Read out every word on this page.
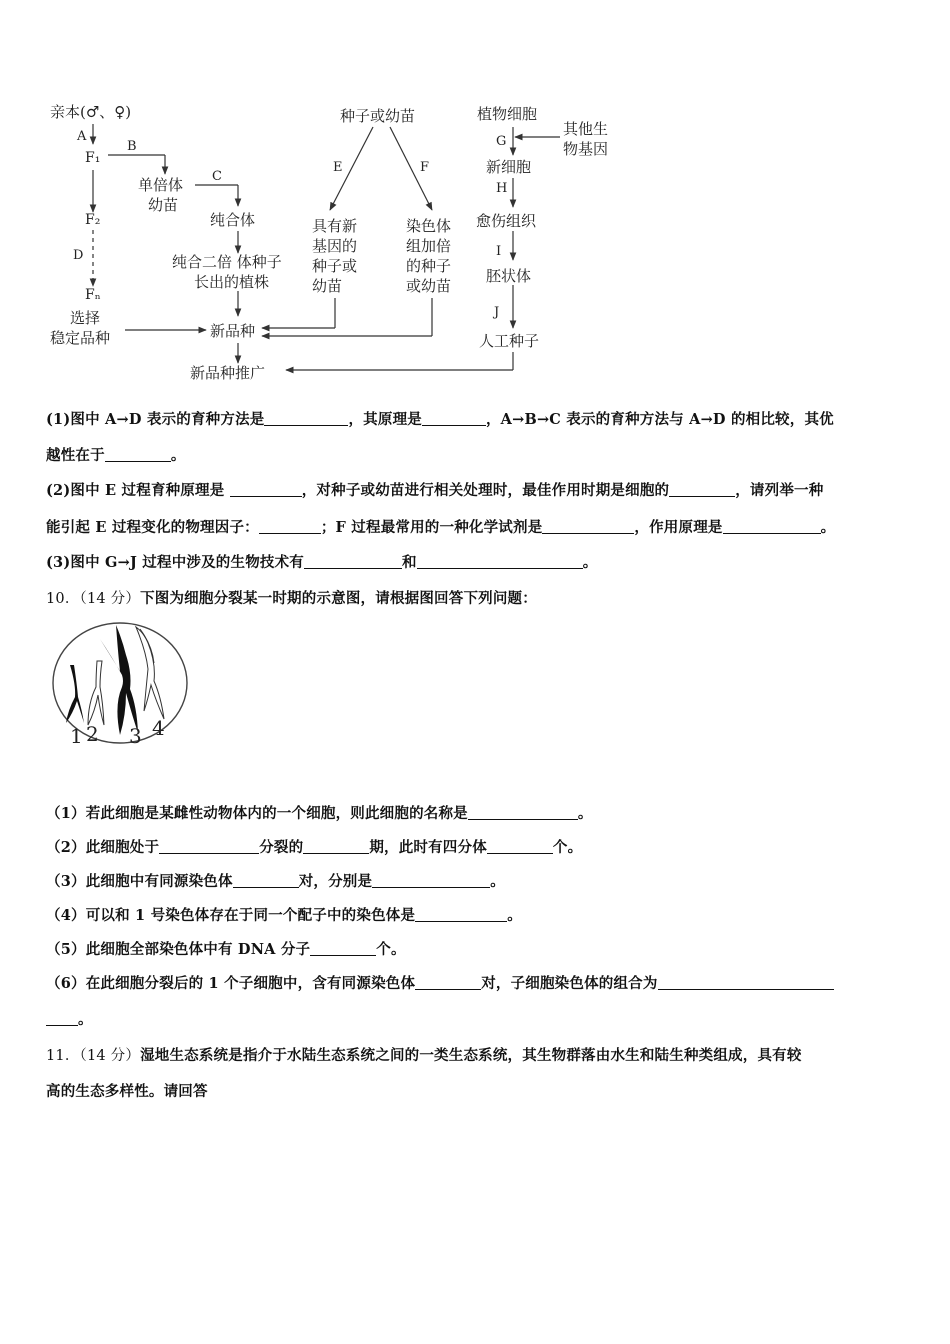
亲本(♂、♀)
A
F₁
B
单倍体
幼苗
C
纯合体
纯合二倍 体种子
长出的植株
F₂
D
Fₙ
选择
稳定品种	新品种
新品种推广
种子或幼苗
E	F
具有新
基因的
种子或
幼苗
染色体
组加倍
的种子
或幼苗
植物细胞
其他生
物基因
G
新细胞
H
愈伤组织
I
胚状体
J
人工种子
(1)图中 A→D 表示的育种方法是	，其原理是	，A→B→C 表示的育种方法与 A→D 的相比较，其优
越性在于	。
(2)图中 E 过程育种原理是	，对种子或幼苗进行相关处理时，最佳作用时期是细胞的	，请列举一种
能引起 E 过程变化的物理因子：	；F 过程最常用的一种化学试剂是	，作用原理是	。
(3)图中 G→J 过程中涉及的生物技术有	和	。
10．（14 分）下图为细胞分裂某一时期的示意图，请根据图回答下列问题：
1 2 3 4
（1）若此细胞是某雌性动物体内的一个细胞，则此细胞的名称是	。
（2）此细胞处于	分裂的	期，此时有四分体	个。
（3）此细胞中有同源染色体	对，分别是	。
（4）可以和 1 号染色体存在于同一个配子中的染色体是	。
（5）此细胞全部染色体中有 DNA 分子	个。
（6）在此细胞分裂后的 1 个子细胞中，含有同源染色体	对，子细胞染色体的组合为
。
11．（14 分）湿地生态系统是指介于水陆生态系统之间的一类生态系统，其生物群落由水生和陆生种类组成，具有较
高的生态多样性。请回答
